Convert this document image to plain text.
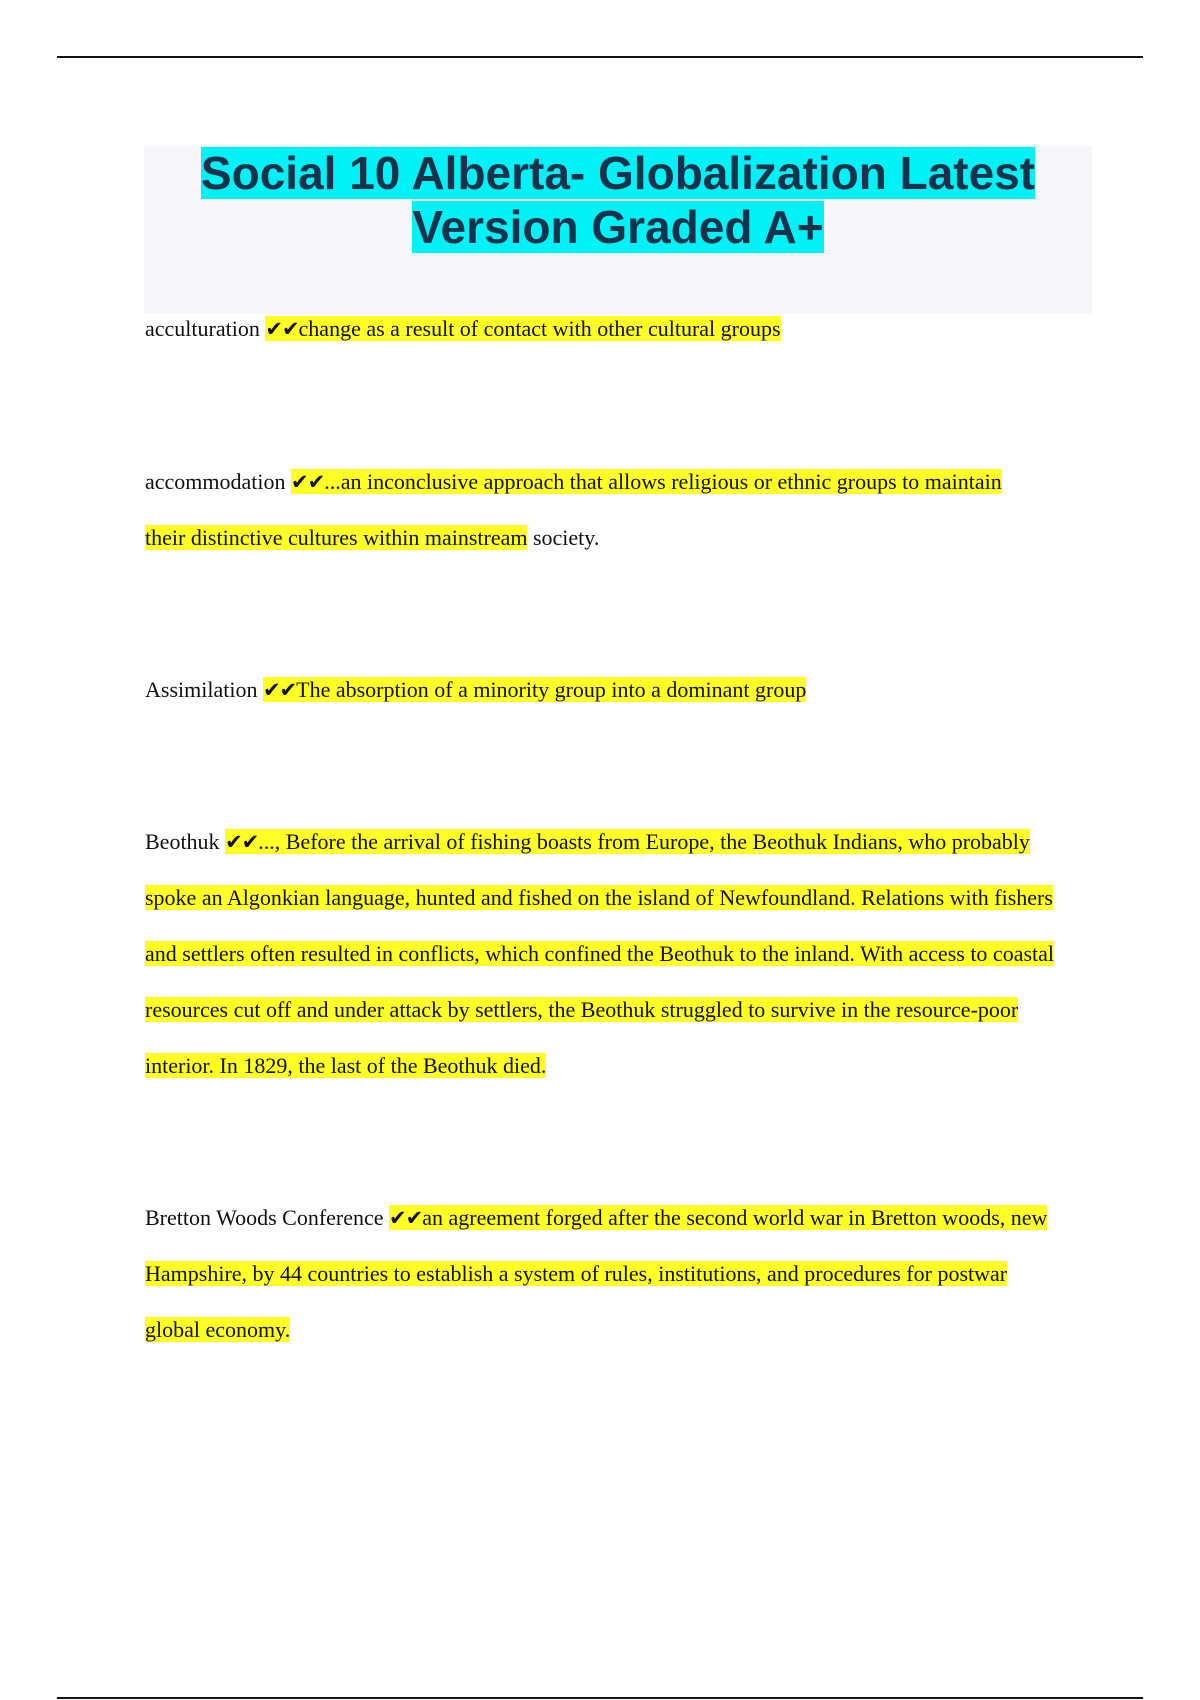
Social 10 Alberta- Globalization Latest
Version Graded A+
acculturation ✔✔change as a result of contact with other cultural groups
accommodation ✔✔...an inconclusive approach that allows religious or ethnic groups to maintain their distinctive cultures within mainstream society.
Assimilation ✔✔The absorption of a minority group into a dominant group
Beothuk ✔✔..., Before the arrival of fishing boasts from Europe, the Beothuk Indians, who probably spoke an Algonkian language, hunted and fished on the island of Newfoundland. Relations with fishers and settlers often resulted in conflicts, which confined the Beothuk to the inland. With access to coastal resources cut off and under attack by settlers, the Beothuk struggled to survive in the resource-poor interior. In 1829, the last of the Beothuk died.
Bretton Woods Conference ✔✔an agreement forged after the second world war in Bretton woods, new Hampshire, by 44 countries to establish a system of rules, institutions, and procedures for postwar global economy.
